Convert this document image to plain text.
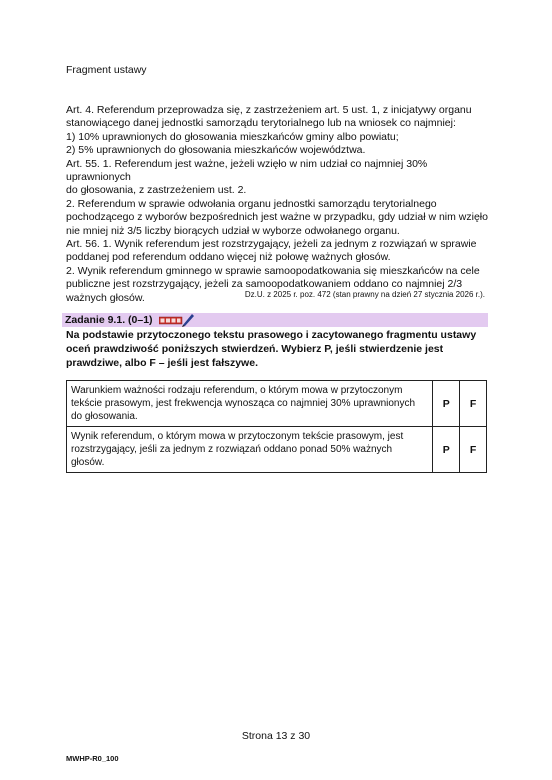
Fragment ustawy
Art. 4. Referendum przeprowadza się, z zastrzeżeniem art. 5 ust. 1, z inicjatywy organu
stanowiącego danej jednostki samorządu terytorialnego lub na wniosek co najmniej:
1) 10% uprawnionych do głosowania mieszkańców gminy albo powiatu;
2) 5% uprawnionych do głosowania mieszkańców województwa.
Art. 55. 1. Referendum jest ważne, jeżeli wzięło w nim udział co najmniej 30% uprawnionych
do głosowania, z zastrzeżeniem ust. 2.
2. Referendum w sprawie odwołania organu jednostki samorządu terytorialnego
pochodzącego z wyborów bezpośrednich jest ważne w przypadku, gdy udział w nim wzięło
nie mniej niż 3/5 liczby biorących udział w wyborze odwołanego organu.
Art. 56. 1. Wynik referendum jest rozstrzygający, jeżeli za jednym z rozwiązań w sprawie
poddanej pod referendum oddano więcej niż połowę ważnych głosów.
2. Wynik referendum gminnego w sprawie samoopodatkowania się mieszkańców na cele
publiczne jest rozstrzygający, jeżeli za samoopodatkowaniem oddano co najmniej 2/3
ważnych głosów.	Dz.U. z 2025 r. poz. 472 (stan prawny na dzień 27 stycznia 2026 r.).
Zadanie 9.1. (0–1)
Na podstawie przytoczonego tekstu prasowego i zacytowanego fragmentu ustawy
oceń prawdziwość poniższych stwierdzeń. Wybierz P, jeśli stwierdzenie jest
prawdziwe, albo F – jeśli jest fałszywe.
Warunkiem ważności rodzaju referendum, o którym mowa w przytoczonym
tekście prasowym, jest frekwencja wynosząca co najmniej 30% uprawnionych
do głosowania.	P	F

Wynik referendum, o którym mowa w przytoczonym tekście prasowym, jest
rozstrzygający, jeśli za jednym z rozwiązań oddano ponad 50% ważnych
głosów.	P	F
Strona 13 z 30
MWHP-R0_100
